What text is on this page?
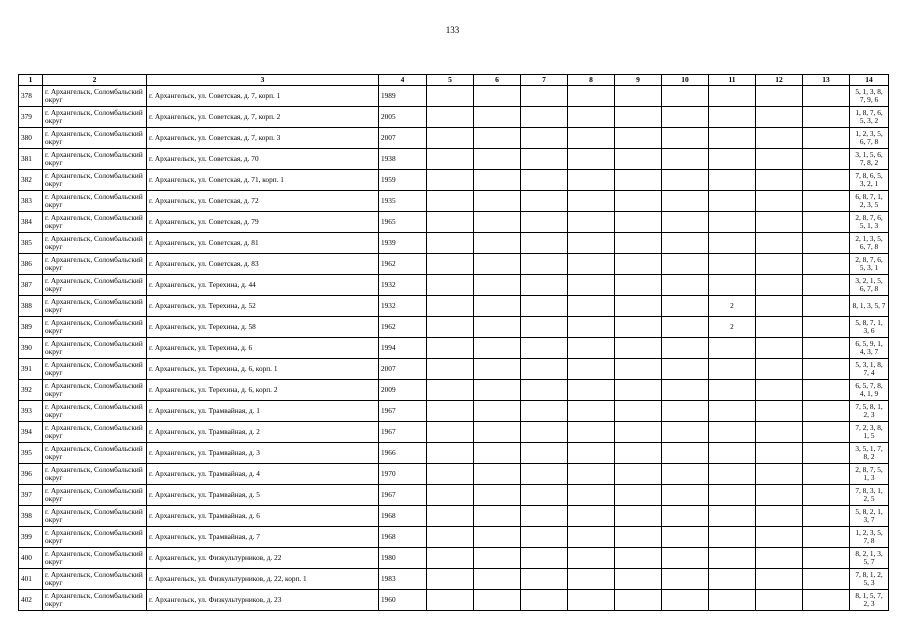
133
1	2	3	4	5	6	7	8	9	10	11	12	13	14
378	г. Архангельск, Соломбальский округ	г. Архангельск, ул. Советская, д. 7, корп. 1	1989										5, 1, 3, 8, 7, 9, 6
379	г. Архангельск, Соломбальский округ	г. Архангельск, ул. Советская, д. 7, корп. 2	2005										1, 8, 7, 6, 5, 3, 2
380	г. Архангельск, Соломбальский округ	г. Архангельск, ул. Советская, д. 7, корп. 3	2007										1, 2, 3, 5, 6, 7, 8
381	г. Архангельск, Соломбальский округ	г. Архангельск, ул. Советская, д. 70	1938										3, 1, 5, 6, 7, 8, 2
382	г. Архангельск, Соломбальский округ	г. Архангельск, ул. Советская, д. 71, корп. 1	1959										7, 8, 6, 5, 3, 2, 1
383	г. Архангельск, Соломбальский округ	г. Архангельск, ул. Советская, д. 72	1935										6, 8, 7, 1, 2, 3, 5
384	г. Архангельск, Соломбальский округ	г. Архангельск, ул. Советская, д. 79	1965										2, 8, 7, 6, 5, 1, 3
385	г. Архангельск, Соломбальский округ	г. Архангельск, ул. Советская, д. 81	1939										2, 1, 3, 5, 6, 7, 8
386	г. Архангельск, Соломбальский округ	г. Архангельск, ул. Советская, д. 83	1962										2, 8, 7, 6, 5, 3, 1
387	г. Архангельск, Соломбальский округ	г. Архангельск, ул. Терехина, д. 44	1932										3, 2, 1, 5, 6, 7, 8
388	г. Архангельск, Соломбальский округ	г. Архангельск, ул. Терехина, д. 52	1932							2			8, 1, 3, 5, 7
389	г. Архангельск, Соломбальский округ	г. Архангельск, ул. Терехина, д. 58	1962							2			5, 8, 7, 1, 3, 6
390	г. Архангельск, Соломбальский округ	г. Архангельск, ул. Терехина, д. 6	1994										6, 5, 9, 1, 4, 3, 7
391	г. Архангельск, Соломбальский округ	г. Архангельск, ул. Терехина, д. 6, корп. 1	2007										5, 3, 1, 8, 7, 4
392	г. Архангельск, Соломбальский округ	г. Архангельск, ул. Терехина, д. 6, корп. 2	2009										6, 5, 7, 8, 4, 1, 9
393	г. Архангельск, Соломбальский округ	г. Архангельск, ул. Трамвайная, д. 1	1967										7, 5, 8, 1, 2, 3
394	г. Архангельск, Соломбальский округ	г. Архангельск, ул. Трамвайная, д. 2	1967										7, 2, 3, 8, 1, 5
395	г. Архангельск, Соломбальский округ	г. Архангельск, ул. Трамвайная, д. 3	1966										3, 5, 1, 7, 8, 2
396	г. Архангельск, Соломбальский округ	г. Архангельск, ул. Трамвайная, д. 4	1970										2, 8, 7, 5, 1, 3
397	г. Архангельск, Соломбальский округ	г. Архангельск, ул. Трамвайная, д. 5	1967										7, 8, 3, 1, 2, 5
398	г. Архангельск, Соломбальский округ	г. Архангельск, ул. Трамвайная, д. 6	1968										5, 8, 2, 1, 3, 7
399	г. Архангельск, Соломбальский округ	г. Архангельск, ул. Трамвайная, д. 7	1968										1, 2, 3, 5, 7, 8
400	г. Архангельск, Соломбальский округ	г. Архангельск, ул. Физкультурников, д. 22	1980										8, 2, 1, 3, 5, 7
401	г. Архангельск, Соломбальский округ	г. Архангельск, ул. Физкультурников, д. 22, корп. 1	1983										7, 8, 1, 2, 5, 3
402	г. Архангельск, Соломбальский округ	г. Архангельск, ул. Физкультурников, д. 23	1960										8, 1, 5, 7, 2, 3
